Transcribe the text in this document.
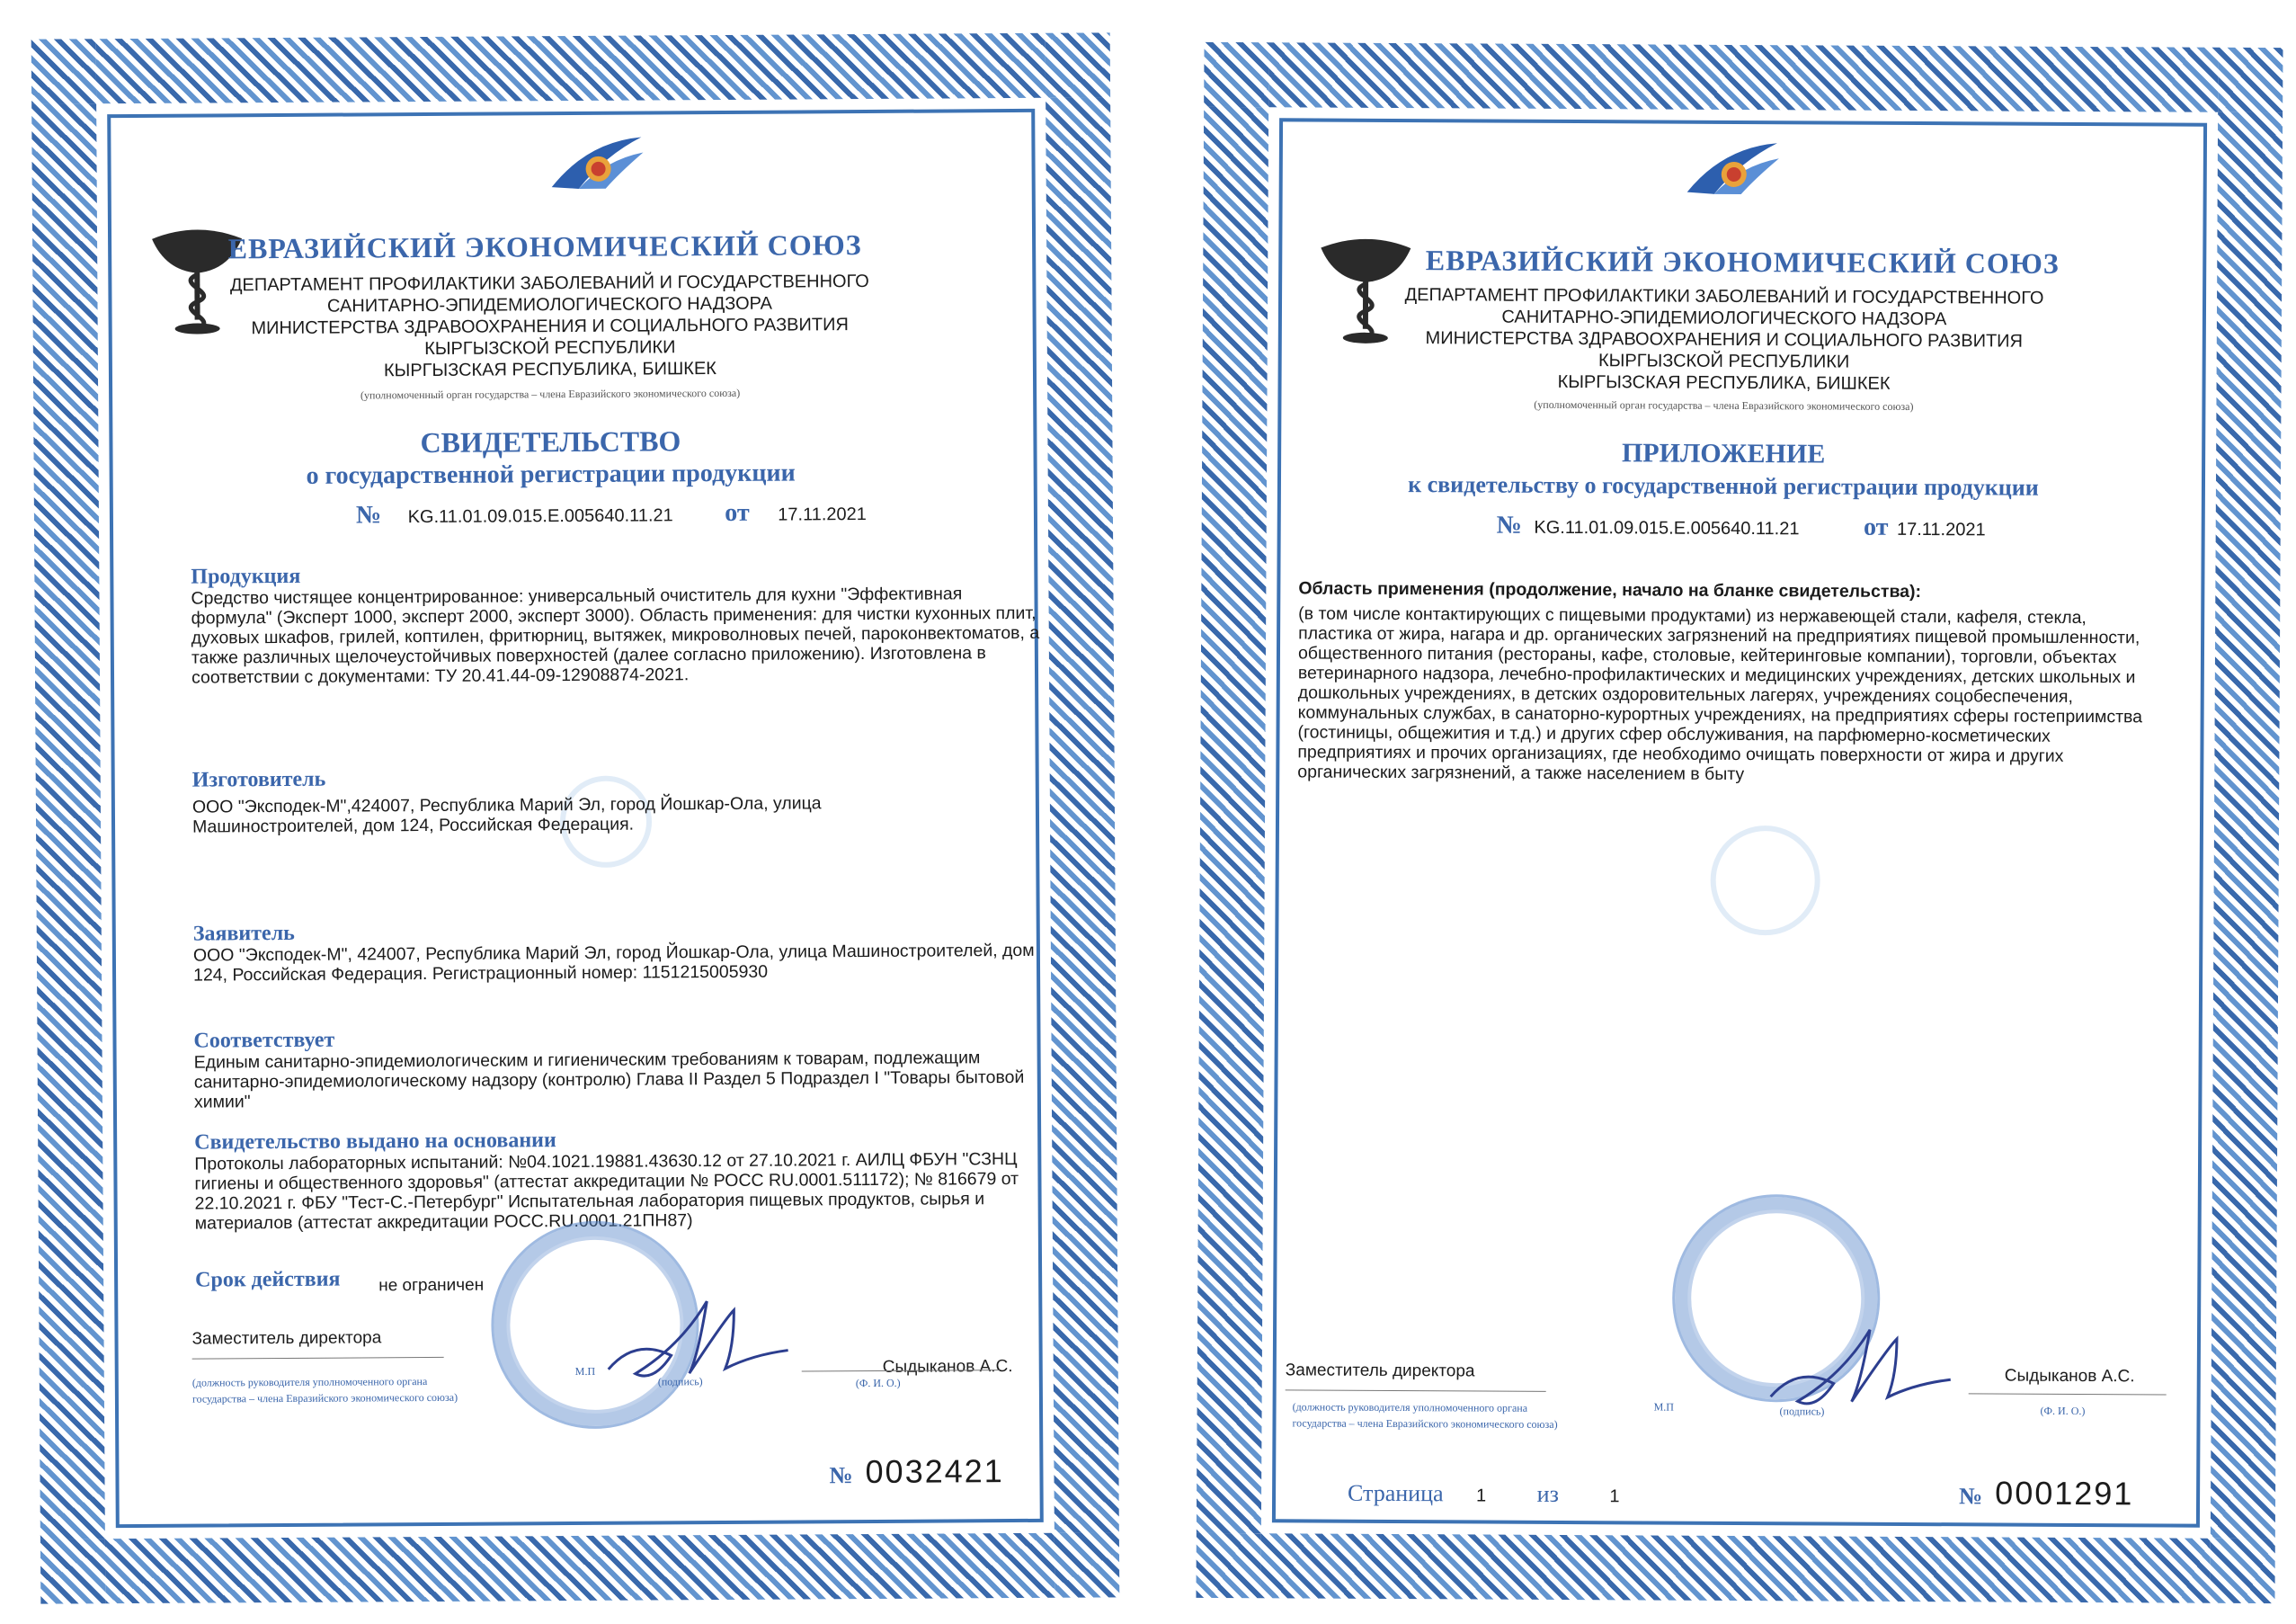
ЕВРАЗИЙСКИЙ ЭКОНОМИЧЕСКИЙ СОЮЗ
ДЕПАРТАМЕНТ ПРОФИЛАКТИКИ ЗАБОЛЕВАНИЙ И ГОСУДАРСТВЕННОГО
САНИТАРНО-ЭПИДЕМИОЛОГИЧЕСКОГО НАДЗОРА
МИНИСТЕРСТВА ЗДРАВООХРАНЕНИЯ И СОЦИАЛЬНОГО РАЗВИТИЯ
КЫРГЫЗСКОЙ РЕСПУБЛИКИ
КЫРГЫЗСКАЯ РЕСПУБЛИКА, БИШКЕК
(уполномоченный орган государства – члена Евразийского экономического союза)
СВИДЕТЕЛЬСТВО
о государственной регистрации продукции
№ KG.11.01.09.015.E.005640.11.21 от 17.11.2021
Продукция
Средство чистящее концентрированное: универсальный очиститель для кухни "Эффективная формула" (Эксперт 1000, эксперт 2000, эксперт 3000). Область применения: для чистки кухонных плит, духовых шкафов, грилей, коптилен, фритюрниц, вытяжек, микроволновых печей, пароконвектоматов, а также различных щелочеустойчивых поверхностей (далее согласно приложению). Изготовлена в соответствии с документами: ТУ 20.41.44-09-12908874-2021.
Изготовитель
ООО "Экcподек-М",424007, Республика Марий Эл, город Йошкар-Ола, улица Машиностроителей, дом 124, Российская Федерация.
Заявитель
ООО "Экcподек-М", 424007, Республика Марий Эл, город Йошкар-Ола, улица Машиностроителей, дом 124, Российская Федерация. Регистрационный номер: 1151215005930
Соответствует
Единым санитарно-эпидемиологическим и гигиеническим требованиям к товарам, подлежащим санитарно-эпидемиологическому надзору (контролю) Глава II Раздел 5 Подраздел I "Товары бытовой химии"
Свидетельство выдано на основании
Протоколы лабораторных испытаний: №04.1021.19881.43630.12 от 27.10.2021 г. АИЛЦ ФБУН "СЗНЦ гигиены и общественного здоровья" (аттестат аккредитации № РОСС RU.0001.511172); № 816679 от 22.10.2021 г. ФБУ "Тест-С.-Петербург" Испытательная лаборатория пищевых продуктов, сырья и материалов (аттестат аккредитации РОСС.RU.0001.21ПН87)
Срок действия не ограничен
Заместитель директора
Сыдыканов А.С.
М.П
(подпись)	(Ф. И. О.)
(должность руководителя уполномоченного органа государства – члена Евразийского экономического союза)
№ 0032421
ЕВРАЗИЙСКИЙ ЭКОНОМИЧЕСКИЙ СОЮЗ
ДЕПАРТАМЕНТ ПРОФИЛАКТИКИ ЗАБОЛЕВАНИЙ И ГОСУДАРСТВЕННОГО
САНИТАРНО-ЭПИДЕМИОЛОГИЧЕСКОГО НАДЗОРА
МИНИСТЕРСТВА ЗДРАВООХРАНЕНИЯ И СОЦИАЛЬНОГО РАЗВИТИЯ
КЫРГЫЗСКОЙ РЕСПУБЛИКИ
КЫРГЫЗСКАЯ РЕСПУБЛИКА, БИШКЕК
(уполномоченный орган государства – члена Евразийского экономического союза)
ПРИЛОЖЕНИЕ
к свидетельству о государственной регистрации продукции
№ KG.11.01.09.015.E.005640.11.21	от 17.11.2021
Область применения (продолжение, начало на бланке свидетельства):
(в том числе контактирующих с пищевыми продуктами) из нержавеющей стали, кафеля, стекла, пластика от жира, нагара и др. органических загрязнений на предприятиях пищевой промышленности, общественного питания (рестораны, кафе, столовые, кейтеринговые компании), торговли, объектах ветеринарного надзора, лечебно-профилактических и медицинских учреждениях, детских школьных и дошкольных учреждениях, в детских оздоровительных лагерях, учреждениях соцобеспечения, коммунальных службах, в санаторно-курортных учреждениях, на предприятиях сферы гостеприимства (гостиницы, общежития и т.д.) и других сфер обслуживания, на парфюмерно-косметических предприятиях и прочих организациях, где необходимо очищать поверхности от жира и других органических загрязнений, а также населением в быту
Заместитель директора	Сыдыканов А.С.
М.П	(подпись)	(Ф. И. О.)
(должность руководителя уполномоченного органа государства – члена Евразийского экономического союза)
Страница 1 из	1	№ 0001291
